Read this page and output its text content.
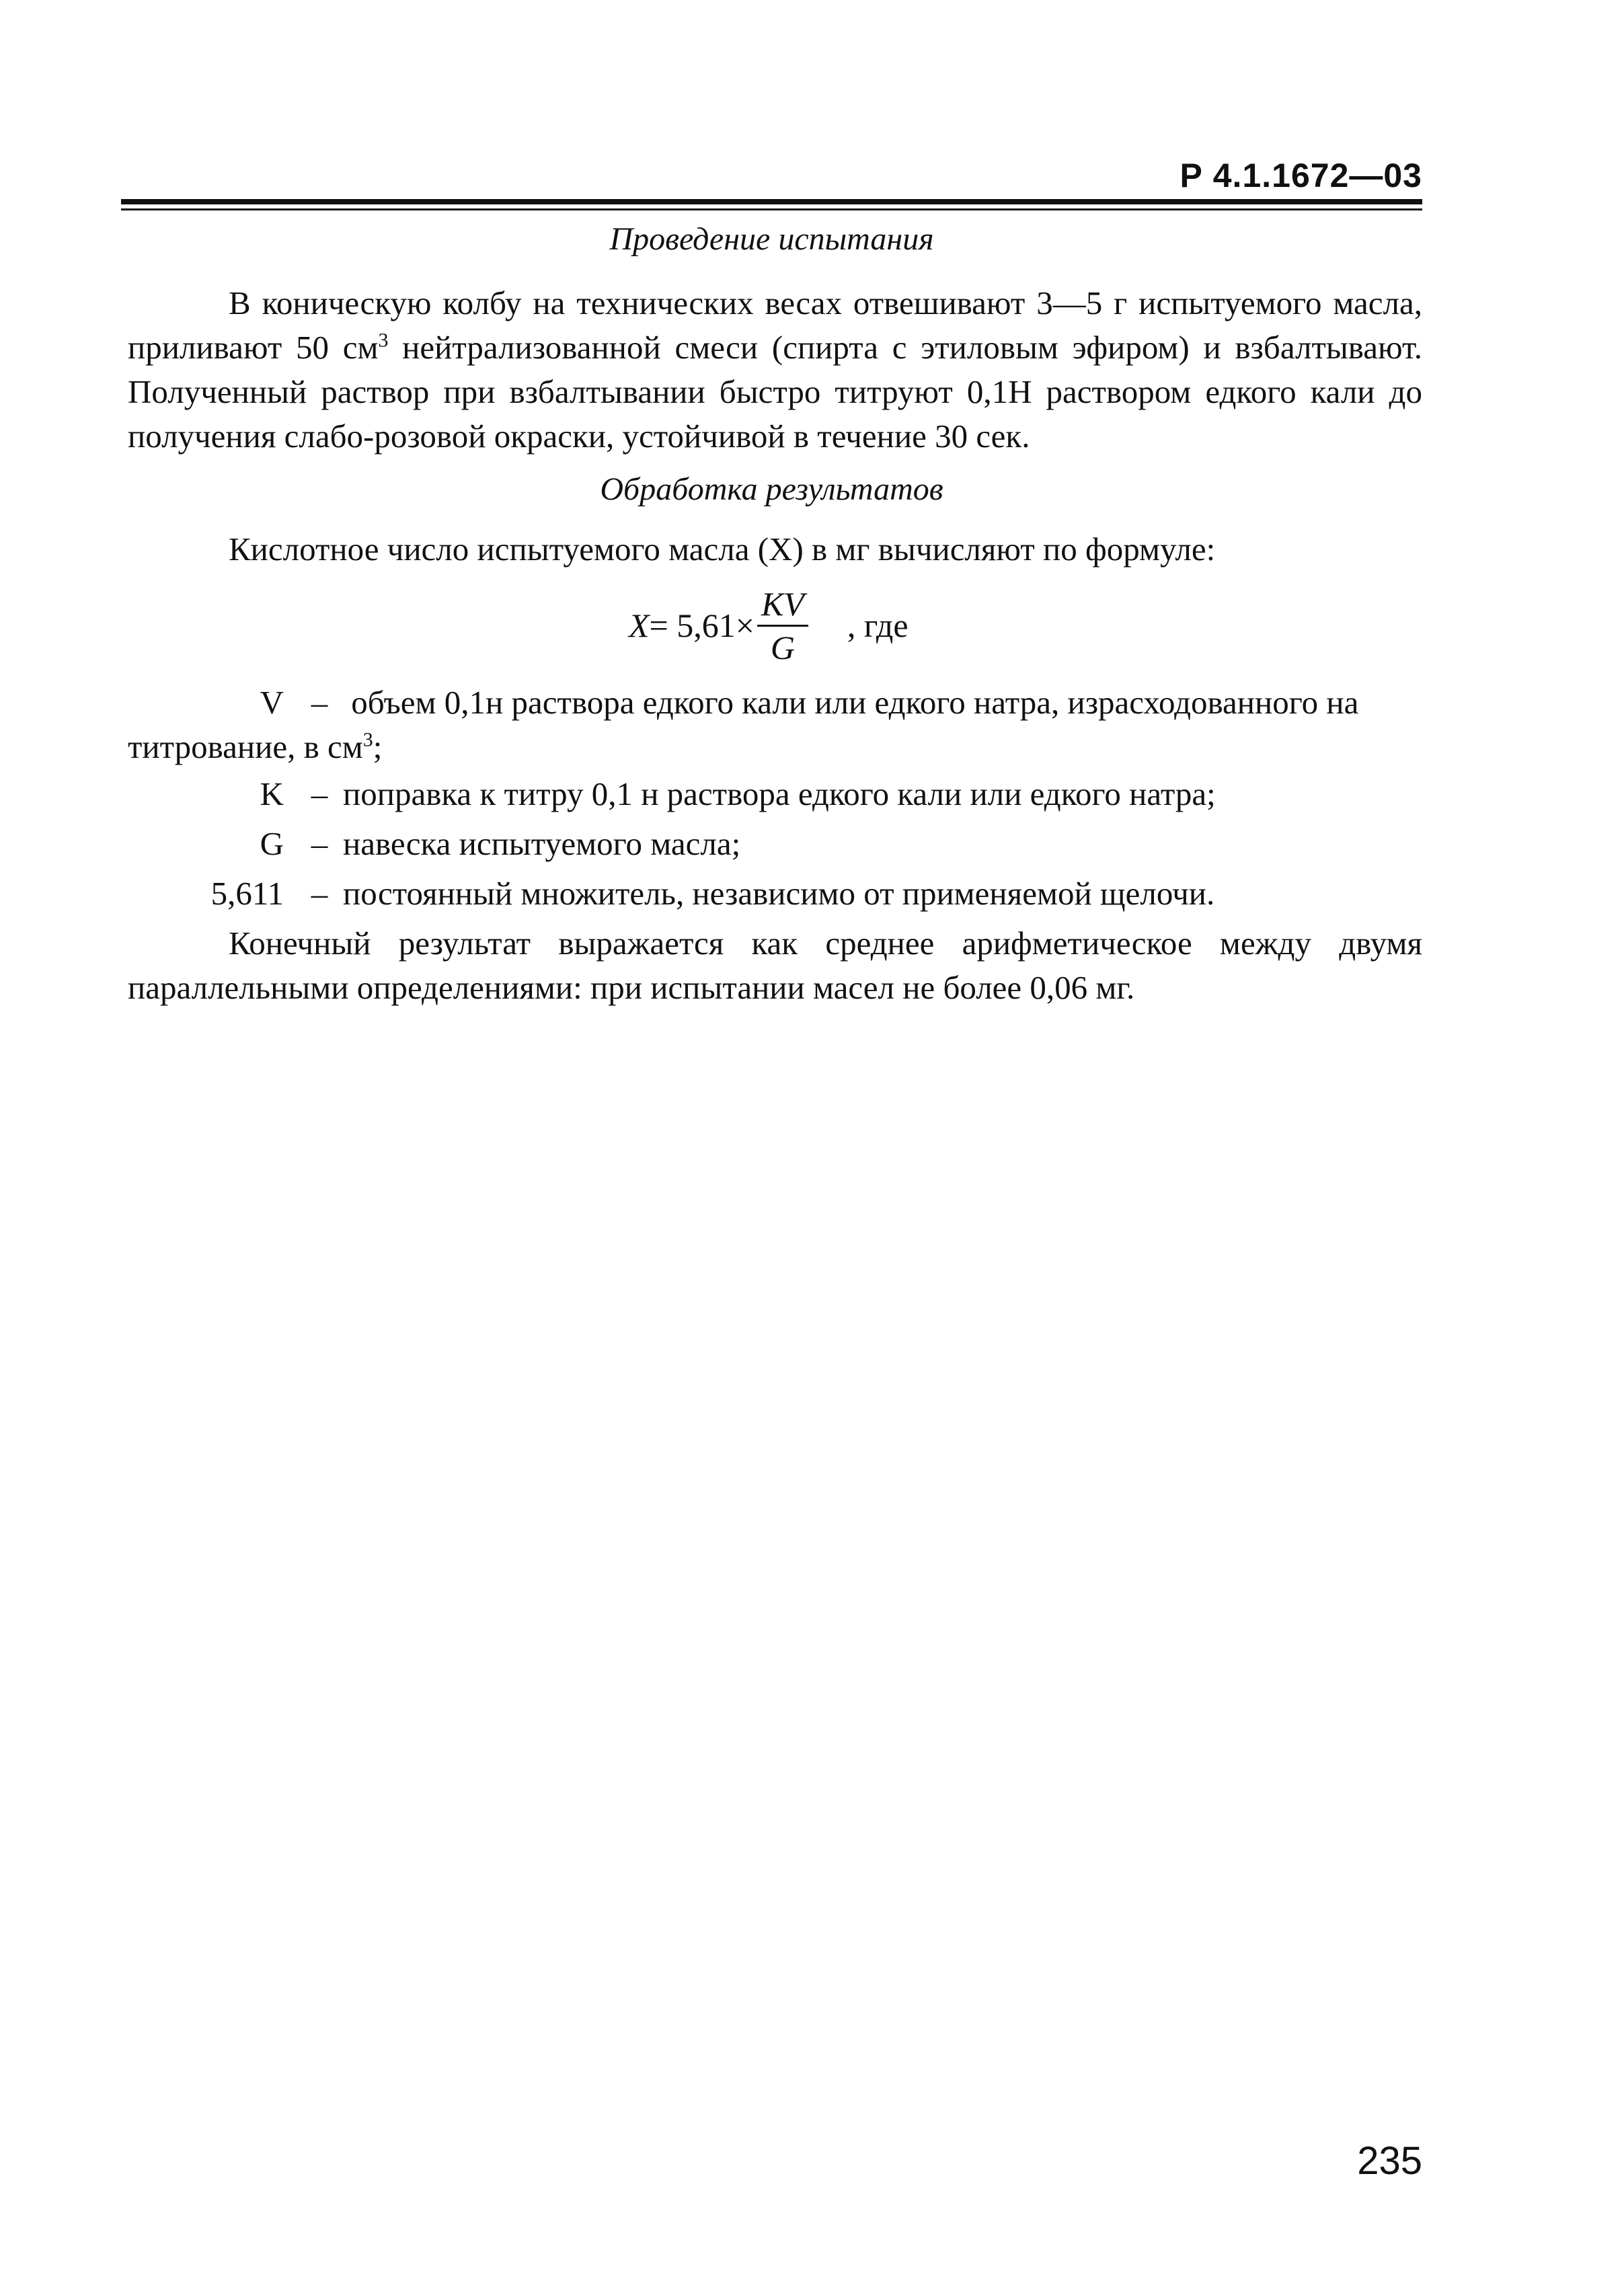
Р 4.1.1672—03
Проведение испытания
В коническую колбу на технических весах отвешивают 3—5 г испытуемого масла, приливают 50 $см^3$ нейтрализованной смеси (спирта с этиловым эфиром) и взбалтывают. Полученный раствор при взбалтывании быстро титруют 0,1Н раствором едкого кали до получения слабо-розовой окраски, устойчивой в течение 30 сек.
Обработка результатов
Кислотное число испытуемого масла (X) в мг вычисляют по формуле:
$X = 5,61\times \frac{KV}{G}$ , где
V – объем 0,1н раствора едкого кали или едкого натра, израсходованного на титрование, в $см^3$;
K – поправка к титру 0,1 н раствора едкого кали или едкого натра;
G – навеска испытуемого масла;
5,611 – постоянный множитель, независимо от применяемой щелочи.
Конечный результат выражается как среднее арифметическое между двумя параллельными определениями: при испытании масел не более 0,06 мг.
235
